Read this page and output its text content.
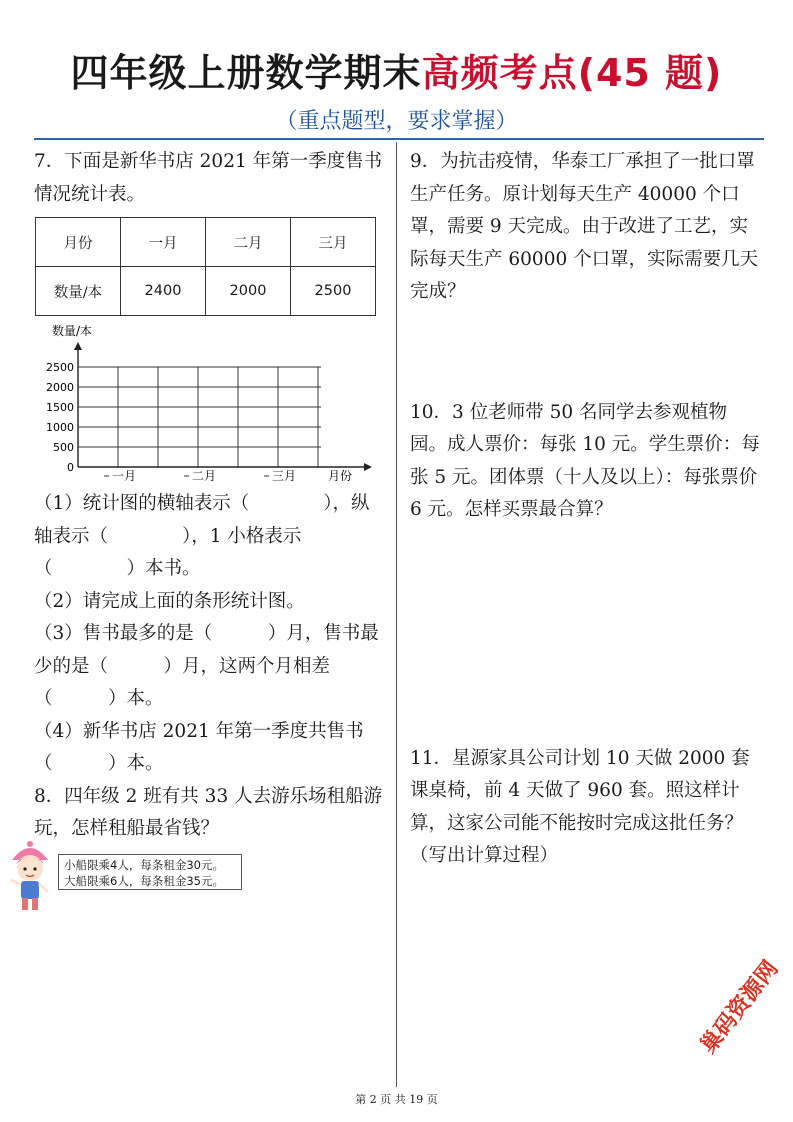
四年级上册数学期末高频考点(45 题)
（重点题型，要求掌握）

7．下面是新华书店 2021 年第一季度售书情况统计表。

月份	一月	二月	三月
数量/本	2400	2000	2500
数量/本
0
500
1000
1500
2000
2500
一月	二月	三月	月份

（1）统计图的横轴表示（　　　　），纵轴表示（　　　　），1 小格表示（　　　　）本书。

（2）请完成上面的条形统计图。

（3）售书最多的是（　　　）月，售书最少的是（　　　）月，这两个月相差（　　　）本。

（4）新华书店 2021 年第一季度共售书（　　　）本。

8．四年级 2 班有共 33 人去游乐场租船游玩，怎样租船最省钱？

小船限乘4人，每条租金30元。
大船限乘6人，每条租金35元。

9．为抗击疫情，华泰工厂承担了一批口罩生产任务。原计划每天生产 40000 个口罩，需要 9 天完成。由于改进了工艺，实际每天生产 60000 个口罩，实际需要几天完成？

10．3 位老师带 50 名同学去参观植物园。成人票价：每张 10 元。学生票价：每张 5 元。团体票（十人及以上）：每张票价 6 元。怎样买票最合算？

11．星源家具公司计划 10 天做 2000 套课桌椅，前 4 天做了 960 套。照这样计算，这家公司能不能按时完成这批任务？（写出计算过程）

第 2 页 共 19 页
巢码资源网
